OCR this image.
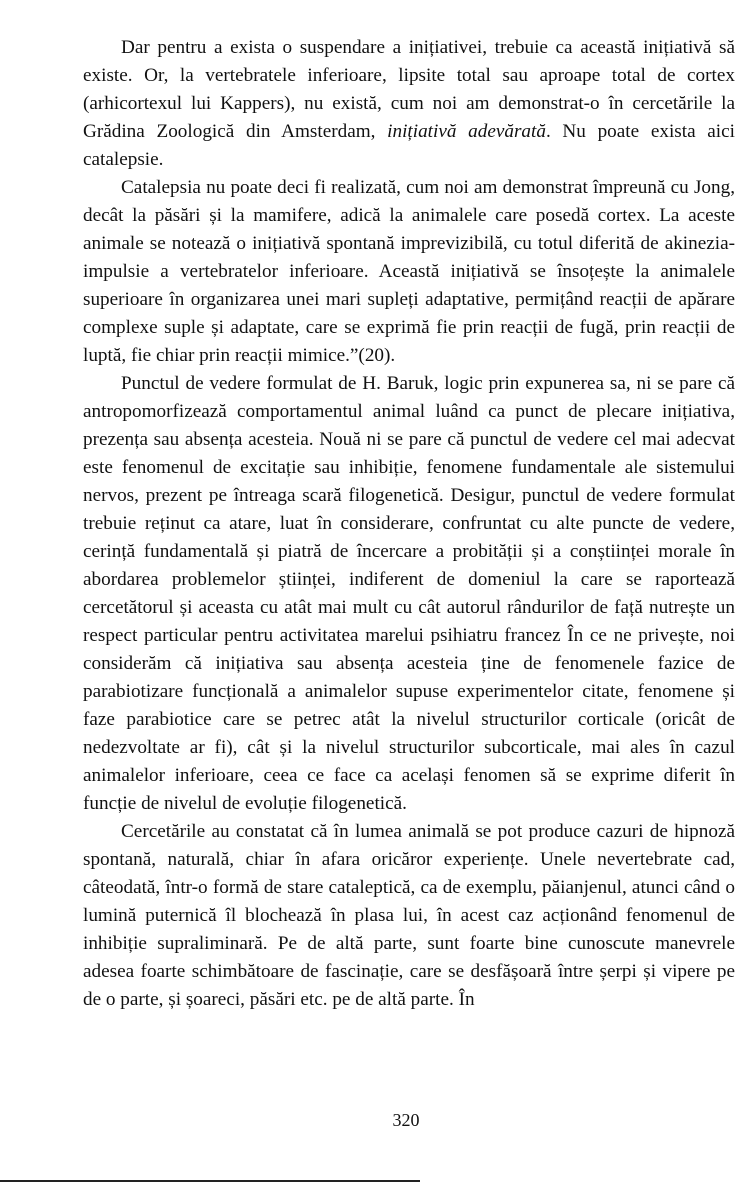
Dar pentru a exista o suspendare a inițiativei, trebuie ca această inițiativă să existe. Or, la vertebratele inferioare, lipsite total sau aproape total de cortex (arhicortexul lui Kappers), nu există, cum noi am demonstrat-o în cercetările la Grădina Zoologică din Amsterdam, inițiativă adevărată. Nu poate exista aici catalepsie.

Catalepsia nu poate deci fi realizată, cum noi am demonstrat împreună cu Jong, decât la păsări și la mamifere, adică la animalele care posedă cortex. La aceste animale se notează o inițiativă spontană imprevizibilă, cu totul diferită de akinezia-impulsie a vertebratelor inferioare. Această inițiativă se însoțește la animalele superioare în organizarea unei mari supleți adaptative, permițând reacții de apărare complexe suple și adaptate, care se exprimă fie prin reacții de fugă, prin reacții de luptă, fie chiar prin reacții mimice.”(20).

Punctul de vedere formulat de H. Baruk, logic prin expunerea sa, ni se pare că antropomorfizează comportamentul animal luând ca punct de plecare inițiativa, prezența sau absența acesteia. Nouă ni se pare că punctul de vedere cel mai adecvat este fenomenul de excitație sau inhibiție, fenomene fundamentale ale sistemului nervos, prezent pe întreaga scară filogenetică. Desigur, punctul de vedere formulat trebuie reținut ca atare, luat în considerare, confruntat cu alte puncte de vedere, cerință fundamentală și piatră de încercare a probității și a conștiinței morale în abordarea problemelor științei, indiferent de domeniul la care se raportează cercetătorul și aceasta cu atât mai mult cu cât autorul rândurilor de față nutrește un respect particular pentru activitatea marelui psihiatru francez În ce ne privește, noi considerăm că inițiativa sau absența acesteia ține de fenomenele fazice de parabiotizare funcțională a animalelor supuse experimentelor citate, fenomene și faze parabiotice care se petrec atât la nivelul structurilor corticale (oricât de nedezvoltate ar fi), cât și la nivelul structurilor subcorticale, mai ales în cazul animalelor inferioare, ceea ce face ca același fenomen să se exprime diferit în funcție de nivelul de evoluție filogenetică.

Cercetările au constatat că în lumea animală se pot produce cazuri de hipnoză spontană, naturală, chiar în afara oricăror experiențe. Unele nevertebrate cad, câteodată, într-o formă de stare cataleptică, ca de exemplu, păianjenul, atunci când o lumină puternică îl blochează în plasa lui, în acest caz acționând fenomenul de inhibiție supraliminară. Pe de altă parte, sunt foarte bine cunoscute manevrele adesea foarte schimbătoare de fascinație, care se desfășoară între șerpi și vipere pe de o parte, și șoareci, păsări etc. pe de altă parte. În

320
